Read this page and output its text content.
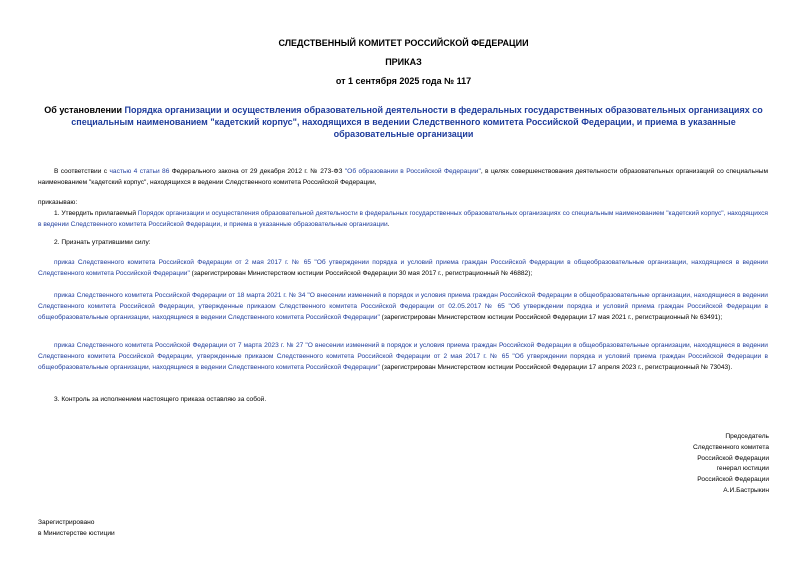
СЛЕДСТВЕННЫЙ КОМИТЕТ РОССИЙСКОЙ ФЕДЕРАЦИИ
ПРИКАЗ
от 1 сентября 2025 года № 117
Об установлении Порядка организации и осуществления образовательной деятельности в федеральных государственных образовательных организациях со специальным наименованием "кадетский корпус", находящихся в ведении Следственного комитета Российской Федерации, и приема в указанные образовательные организации
В соответствии с частью 4 статьи 86 Федерального закона от 29 декабря 2012 г. № 273-ФЗ "Об образовании в Российской Федерации", в целях совершенствования деятельности образовательных организаций со специальным наименованием "кадетский корпус", находящихся в ведении Следственного комитета Российской Федерации,
приказываю:
1. Утвердить прилагаемый Порядок организации и осуществления образовательной деятельности в федеральных государственных образовательных организациях со специальным наименованием "кадетский корпус", находящихся в ведении Следственного комитета Российской Федерации, и приема в указанные образовательные организации.
2. Признать утратившими силу:
приказ Следственного комитета Российской Федерации от 2 мая 2017 г. № 65 "Об утверждении порядка и условий приема граждан Российской Федерации в общеобразовательные организации, находящиеся в ведении Следственного комитета Российской Федерации" (зарегистрирован Министерством юстиции Российской Федерации 30 мая 2017 г., регистрационный № 46882);
приказ Следственного комитета Российской Федерации от 18 марта 2021 г. № 34 "О внесении изменений в порядок и условия приема граждан Российской Федерации в общеобразовательные организации, находящиеся в ведении Следственного комитета Российской Федерации, утвержденные приказом Следственного комитета Российской Федерации от 02.05.2017 № 65 "Об утверждении порядка и условий приема граждан Российской Федерации в общеобразовательные организации, находящиеся в ведении Следственного комитета Российской Федерации" (зарегистрирован Министерством юстиции Российской Федерации 17 мая 2021 г., регистрационный № 63491);
приказ Следственного комитета Российской Федерации от 7 марта 2023 г. № 27 "О внесении изменений в порядок и условия приема граждан Российской Федерации в общеобразовательные организации, находящиеся в ведении Следственного комитета Российской Федерации, утвержденные приказом Следственного комитета Российской Федерации от 2 мая 2017 г. № 65 "Об утверждении порядка и условий приема граждан Российской Федерации в общеобразовательные организации, находящиеся в ведении Следственного комитета Российской Федерации" (зарегистрирован Министерством юстиции Российской Федерации 17 апреля 2023 г., регистрационный № 73043).
3. Контроль за исполнением настоящего приказа оставляю за собой.
Председатель
Следственного комитета
Российской Федерации
генерал юстиции
Российской Федерации
А.И.Бастрыкин
Зарегистрировано
в Министерстве юстиции
